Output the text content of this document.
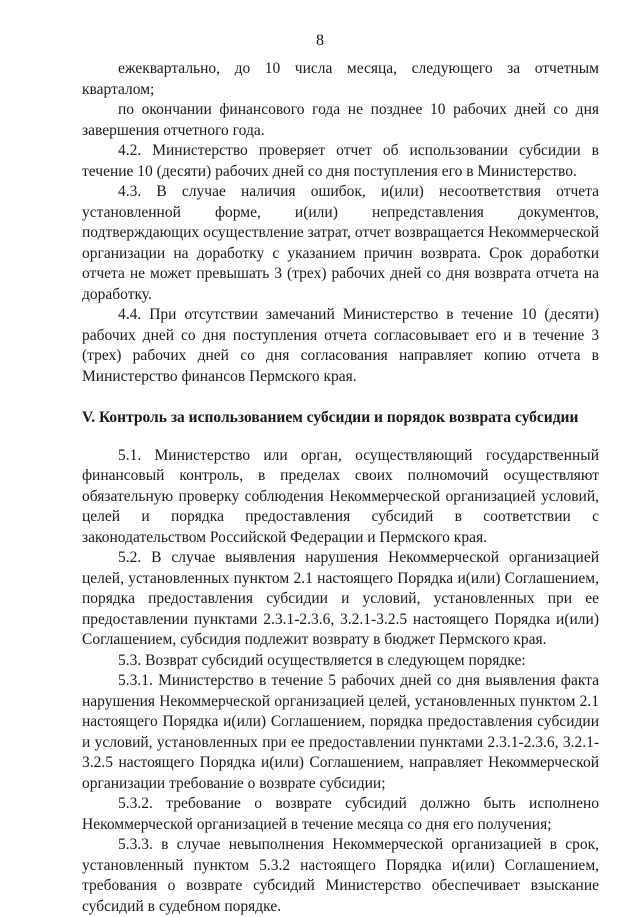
8

ежеквартально, до 10 числа месяца, следующего за отчетным кварталом;

по окончании финансового года не позднее 10 рабочих дней со дня завершения отчетного года.

4.2. Министерство проверяет отчет об использовании субсидии в течение 10 (десяти) рабочих дней со дня поступления его в Министерство.

4.3. В случае наличия ошибок, и(или) несоответствия отчета установленной форме, и(или) непредставления документов, подтверждающих осуществление затрат, отчет возвращается Некоммерческой организации на доработку с указанием причин возврата. Срок доработки отчета не может превышать 3 (трех) рабочих дней со дня возврата отчета на доработку.

4.4. При отсутствии замечаний Министерство в течение 10 (десяти) рабочих дней со дня поступления отчета согласовывает его и в течение 3 (трех) рабочих дней со дня согласования направляет копию отчета в Министерство финансов Пермского края.

V. Контроль за использованием субсидии и порядок возврата субсидии

5.1. Министерство или орган, осуществляющий государственный финансовый контроль, в пределах своих полномочий осуществляют обязательную проверку соблюдения Некоммерческой организацией условий, целей и порядка предоставления субсидий в соответствии с законодательством Российской Федерации и Пермского края.

5.2. В случае выявления нарушения Некоммерческой организацией целей, установленных пунктом 2.1 настоящего Порядка и(или) Соглашением, порядка предоставления субсидии и условий, установленных при ее предоставлении пунктами 2.3.1-2.3.6, 3.2.1-3.2.5 настоящего Порядка и(или) Соглашением, субсидия подлежит возврату в бюджет Пермского края.

5.3. Возврат субсидий осуществляется в следующем порядке:

5.3.1. Министерство в течение 5 рабочих дней со дня выявления факта нарушения Некоммерческой организацией целей, установленных пунктом 2.1 настоящего Порядка и(или) Соглашением, порядка предоставления субсидии и условий, установленных при ее предоставлении пунктами 2.3.1-2.3.6, 3.2.1-3.2.5 настоящего Порядка и(или) Соглашением, направляет Некоммерческой организации требование о возврате субсидии;

5.3.2. требование о возврате субсидий должно быть исполнено Некоммерческой организацией в течение месяца со дня его получения;

5.3.3. в случае невыполнения Некоммерческой организацией в срок, установленный пунктом 5.3.2 настоящего Порядка и(или) Соглашением, требования о возврате субсидий Министерство обеспечивает взыскание субсидий в судебном порядке.
